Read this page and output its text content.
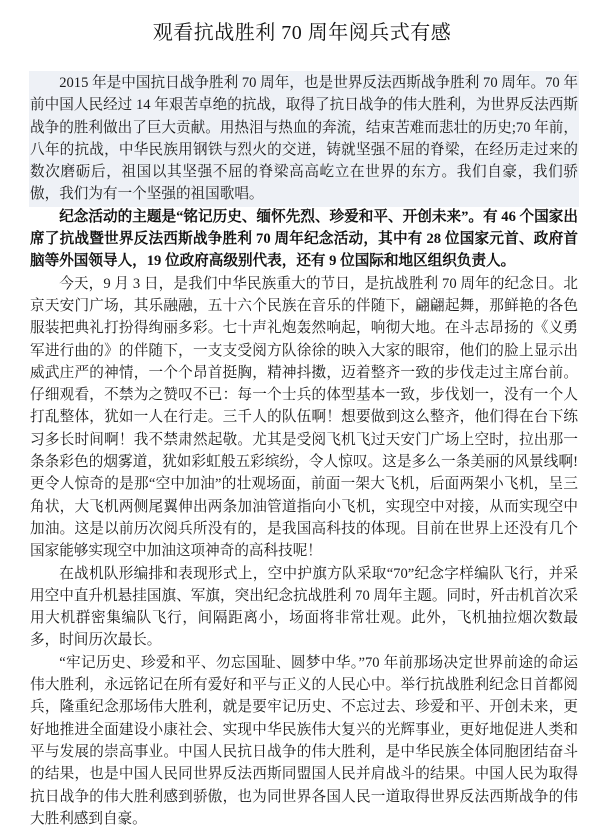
观看抗战胜利 70 周年阅兵式有感

2015 年是中国抗日战争胜利 70 周年，也是世界反法西斯战争胜利 70 周年。70 年前中国人民经过 14 年艰苦卓绝的抗战，取得了抗日战争的伟大胜利，为世界反法西斯战争的胜利做出了巨大贡献。用热泪与热血的奔流，结束苦难而悲壮的历史;70 年前，八年的抗战，中华民族用钢铁与烈火的交迸，铸就坚强不屈的脊梁，在经历走过来的数次磨砺后，祖国以其坚强不屈的脊梁高高屹立在世界的东方。我们自豪，我们骄傲，我们为有一个坚强的祖国歌唱。

纪念活动的主题是“铭记历史、缅怀先烈、珍爱和平、开创未来”。有 46 个国家出席了抗战暨世界反法西斯战争胜利 70 周年纪念活动，其中有 28 位国家元首、政府首脑等外国领导人，19 位政府高级别代表，还有 9 位国际和地区组织负责人。

今天，9 月 3 日，是我们中华民族重大的节日，是抗战胜利 70 周年的纪念日。北京天安门广场，其乐融融，五十六个民族在音乐的伴随下，翩翩起舞，那鲜艳的各色服装把典礼打扮得绚丽多彩。七十声礼炮轰然响起，响彻大地。在斗志昂扬的《义勇军进行曲的》的伴随下，一支支受阅方队徐徐的映入大家的眼帘，他们的脸上显示出威武庄严的神情，一个个昂首挺胸，精神抖擞，迈着整齐一致的步伐走过主席台前。仔细观看，不禁为之赞叹不已：每一个士兵的体型基本一致，步伐划一，没有一个人打乱整体，犹如一人在行走。三千人的队伍啊！想要做到这么整齐，他们得在台下练习多长时间啊！我不禁肃然起敬。尤其是受阅飞机飞过天安门广场上空时，拉出那一条条彩色的烟雾道，犹如彩虹般五彩缤纷，令人惊叹。这是多么一条美丽的风景线啊!更令人惊奇的是那“空中加油”的壮观场面，前面一架大飞机，后面两架小飞机，呈三角状，大飞机两侧尾翼伸出两条加油管道指向小飞机，实现空中对接，从而实现空中加油。这是以前历次阅兵所没有的，是我国高科技的体现。目前在世界上还没有几个国家能够实现空中加油这项神奇的高科技呢！

在战机队形编排和表现形式上，空中护旗方队采取“70”纪念字样编队飞行，并采用空中直升机悬挂国旗、军旗，突出纪念抗战胜利 70 周年主题。同时，歼击机首次采用大机群密集编队飞行，间隔距离小，场面将非常壮观。此外，飞机抽拉烟次数最多，时间历次最长。

“牢记历史、珍爱和平、勿忘国耻、圆梦中华。”70 年前那场决定世界前途的命运伟大胜利，永远铭记在所有爱好和平与正义的人民心中。举行抗战胜利纪念日首都阅兵，隆重纪念那场伟大胜利，就是要牢记历史、不忘过去、珍爱和平、开创未来，更好地推进全面建设小康社会、实现中华民族伟大复兴的光辉事业，更好地促进人类和平与发展的崇高事业。中国人民抗日战争的伟大胜利，是中华民族全体同胞团结奋斗的结果，也是中国人民同世界反法西斯同盟国人民并肩战斗的结果。中国人民为取得抗日战争的伟大胜利感到骄傲，也为同世界各国人民一道取得世界反法西斯战争的伟大胜利感到自豪。
